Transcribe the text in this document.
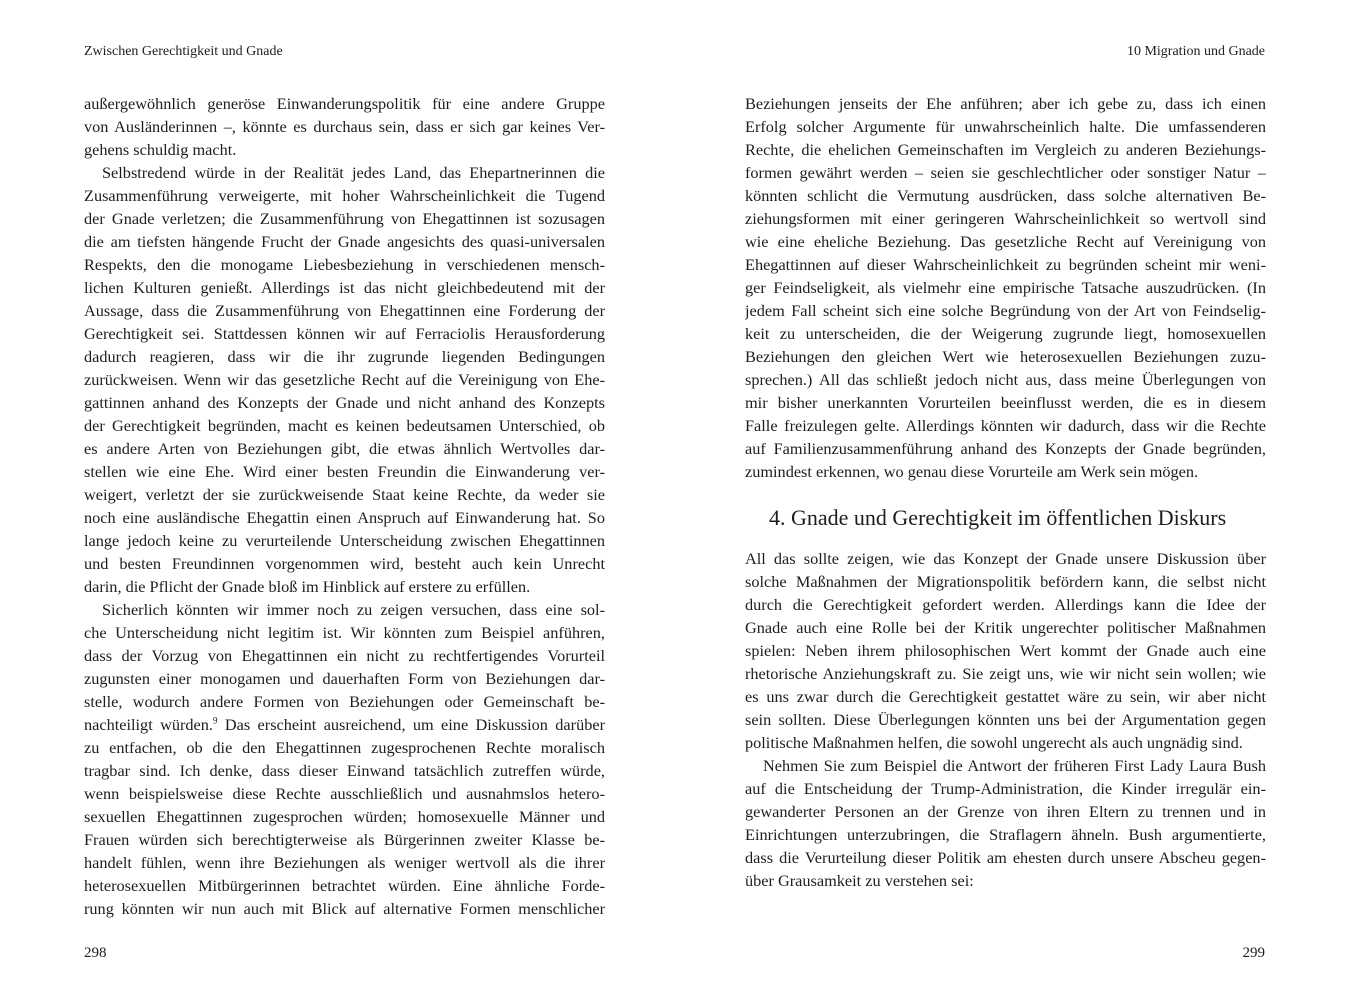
Zwischen Gerechtigkeit und Gnade
außergewöhnlich generöse Einwanderungspolitik für eine andere Gruppe
von Ausländerinnen –, könnte es durchaus sein, dass er sich gar keines Ver-
gehens schuldig macht.
Selbstredend würde in der Realität jedes Land, das Ehepartnerinnen die
Zusammenführung verweigerte, mit hoher Wahrscheinlichkeit die Tugend
der Gnade verletzen; die Zusammenführung von Ehegattinnen ist sozusagen
die am tiefsten hängende Frucht der Gnade angesichts des quasi-universalen
Respekts, den die monogame Liebesbeziehung in verschiedenen mensch-
lichen Kulturen genießt. Allerdings ist das nicht gleichbedeutend mit der
Aussage, dass die Zusammenführung von Ehegattinnen eine Forderung der
Gerechtigkeit sei. Stattdessen können wir auf Ferraciolis Herausforderung
dadurch reagieren, dass wir die ihr zugrunde liegenden Bedingungen
zurückweisen. Wenn wir das gesetzliche Recht auf die Vereinigung von Ehe-
gattinnen anhand des Konzepts der Gnade und nicht anhand des Konzepts
der Gerechtigkeit begründen, macht es keinen bedeutsamen Unterschied, ob
es andere Arten von Beziehungen gibt, die etwas ähnlich Wertvolles dar-
stellen wie eine Ehe. Wird einer besten Freundin die Einwanderung ver-
weigert, verletzt der sie zurückweisende Staat keine Rechte, da weder sie
noch eine ausländische Ehegattin einen Anspruch auf Einwanderung hat. So
lange jedoch keine zu verurteilende Unterscheidung zwischen Ehegattinnen
und besten Freundinnen vorgenommen wird, besteht auch kein Unrecht
darin, die Pflicht der Gnade bloß im Hinblick auf erstere zu erfüllen.
Sicherlich könnten wir immer noch zu zeigen versuchen, dass eine sol-
che Unterscheidung nicht legitim ist. Wir könnten zum Beispiel anführen,
dass der Vorzug von Ehegattinnen ein nicht zu rechtfertigendes Vorurteil
zugunsten einer monogamen und dauerhaften Form von Beziehungen dar-
stelle, wodurch andere Formen von Beziehungen oder Gemeinschaft be-
nachteiligt würden.$^9$ Das erscheint ausreichend, um eine Diskussion darüber
zu entfachen, ob die den Ehegattinnen zugesprochenen Rechte moralisch
tragbar sind. Ich denke, dass dieser Einwand tatsächlich zutreffen würde,
wenn beispielsweise diese Rechte ausschließlich und ausnahmslos hetero-
sexuellen Ehegattinnen zugesprochen würden; homosexuelle Männer und
Frauen würden sich berechtigterweise als Bürgerinnen zweiter Klasse be-
handelt fühlen, wenn ihre Beziehungen als weniger wertvoll als die ihrer
heterosexuellen Mitbürgerinnen betrachtet würden. Eine ähnliche Forde-
rung könnten wir nun auch mit Blick auf alternative Formen menschlicher
298
10 Migration und Gnade
Beziehungen jenseits der Ehe anführen; aber ich gebe zu, dass ich einen
Erfolg solcher Argumente für unwahrscheinlich halte. Die umfassenderen
Rechte, die ehelichen Gemeinschaften im Vergleich zu anderen Beziehungs-
formen gewährt werden – seien sie geschlechtlicher oder sonstiger Natur –
könnten schlicht die Vermutung ausdrücken, dass solche alternativen Be-
ziehungsformen mit einer geringeren Wahrscheinlichkeit so wertvoll sind
wie eine eheliche Beziehung. Das gesetzliche Recht auf Vereinigung von
Ehegattinnen auf dieser Wahrscheinlichkeit zu begründen scheint mir weni-
ger Feindseligkeit, als vielmehr eine empirische Tatsache auszudrücken. (In
jedem Fall scheint sich eine solche Begründung von der Art von Feindselig-
keit zu unterscheiden, die der Weigerung zugrunde liegt, homosexuellen
Beziehungen den gleichen Wert wie heterosexuellen Beziehungen zuzu-
sprechen.) All das schließt jedoch nicht aus, dass meine Überlegungen von
mir bisher unerkannten Vorurteilen beeinflusst werden, die es in diesem
Falle freizulegen gelte. Allerdings könnten wir dadurch, dass wir die Rechte
auf Familienzusammenführung anhand des Konzepts der Gnade begründen,
zumindest erkennen, wo genau diese Vorurteile am Werk sein mögen.
4. Gnade und Gerechtigkeit im öffentlichen Diskurs
All das sollte zeigen, wie das Konzept der Gnade unsere Diskussion über
solche Maßnahmen der Migrationspolitik befördern kann, die selbst nicht
durch die Gerechtigkeit gefordert werden. Allerdings kann die Idee der
Gnade auch eine Rolle bei der Kritik ungerechter politischer Maßnahmen
spielen: Neben ihrem philosophischen Wert kommt der Gnade auch eine
rhetorische Anziehungskraft zu. Sie zeigt uns, wie wir nicht sein wollen; wie
es uns zwar durch die Gerechtigkeit gestattet wäre zu sein, wir aber nicht
sein sollten. Diese Überlegungen könnten uns bei der Argumentation gegen
politische Maßnahmen helfen, die sowohl ungerecht als auch ungnädig sind.
Nehmen Sie zum Beispiel die Antwort der früheren First Lady Laura Bush
auf die Entscheidung der Trump-Administration, die Kinder irregulär ein-
gewanderter Personen an der Grenze von ihren Eltern zu trennen und in
Einrichtungen unterzubringen, die Straflagern ähneln. Bush argumentierte,
dass die Verurteilung dieser Politik am ehesten durch unsere Abscheu gegen-
über Grausamkeit zu verstehen sei:
299
